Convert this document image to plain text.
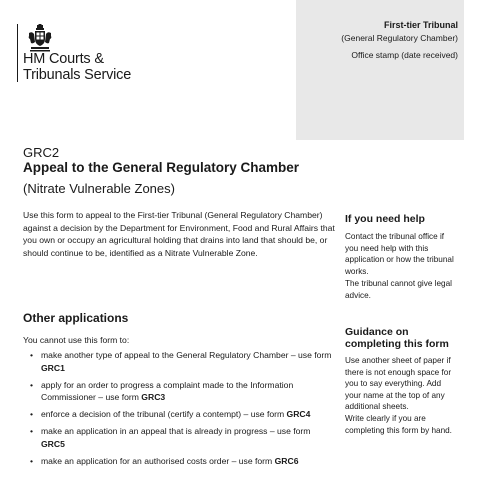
First-tier Tribunal
(General Regulatory Chamber)
Office stamp (date received)
HM Courts &
Tribunals Service
GRC2
Appeal to the General Regulatory Chamber
(Nitrate Vulnerable Zones)
Use this form to appeal to the First-tier Tribunal (General Regulatory Chamber) against a decision by the Department for Environment, Food and Rural Affairs that you own or occupy an agricultural holding that drains into land that should be, or should continue to be, identified as a Nitrate Vulnerable Zone.
Other applications
You cannot use this form to:
• make another type of appeal to the General Regulatory Chamber – use form GRC1
• apply for an order to progress a complaint made to the Information Commissioner – use form GRC3
• enforce a decision of the tribunal (certify a contempt) – use form GRC4
• make an application in an appeal that is already in progress – use form GRC5
• make an application for an authorised costs order – use form GRC6
If you need help
Contact the tribunal office if you need help with this application or how the tribunal works.
The tribunal cannot give legal advice.
Guidance on completing this form
Use another sheet of paper if there is not enough space for you to say everything. Add your name at the top of any additional sheets.
Write clearly if you are completing this form by hand.
